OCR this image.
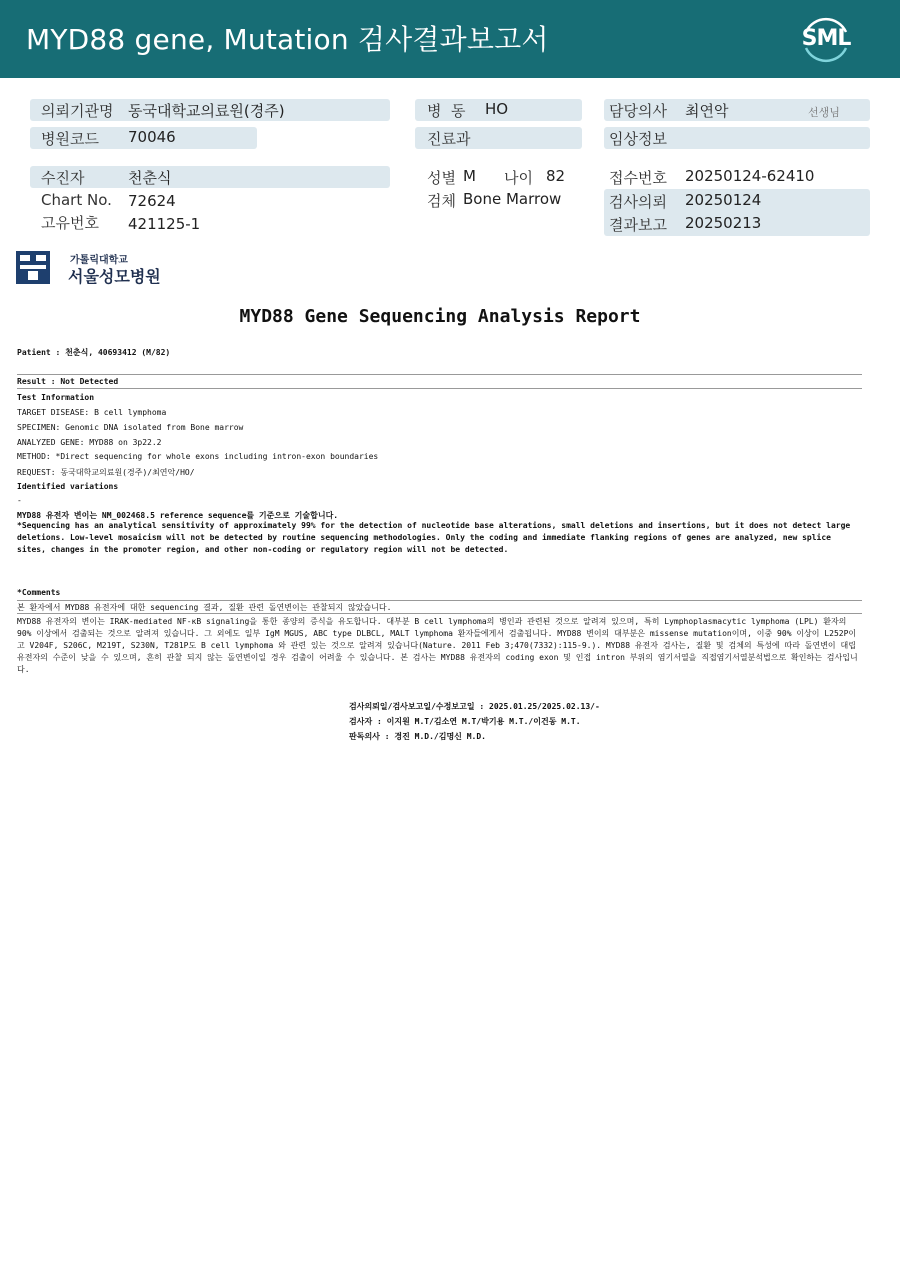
MYD88 gene, Mutation 검사결과보고서	SML
의뢰기관명 동국대학교의료원(경주)
병원코드 70046
병  동 HO
진료과
담당의사 최연악	선생님
임상정보
수진자	천춘식
Chart No. 72624
고유번호 421125-1
성별 M 나이 82
검체 Bone Marrow
접수번호 20250124-62410
검사의뢰 20250124
결과보고 20250213
가톨릭대학교
서울성모병원
MYD88 Gene Sequencing Analysis Report
Patient : 천춘식, 40693412 (M/82)
Result : Not Detected
Test Information
TARGET DISEASE: B cell lymphoma
SPECIMEN: Genomic DNA isolated from Bone marrow
ANALYZED GENE: MYD88 on 3p22.2
METHOD: *Direct sequencing for whole exons including intron-exon boundaries
REQUEST: 동국대학교의료원(경주)/최연악/HO/
Identified variations
-
MYD88 유전자 변이는 NM_002468.5 reference sequence를 기준으로 기술합니다.
*Sequencing has an analytical sensitivity of approximately 99% for the detection of nucleotide base alterations, small deletions and insertions, but it does not detect large deletions. Low-level mosaicism will not be detected by routine sequencing methodologies. Only the coding and immediate flanking regions of genes are analyzed, new splice sites, changes in the promoter region, and other non-coding or regulatory region will not be detected.
*Comments
본 환자에서 MYD88 유전자에 대한 sequencing 결과, 질환 관련 돌연변이는 관찰되지 않았습니다.
MYD88 유전자의 변이는 IRAK-mediated NF-κB signaling을 통한 종양의 증식을 유도합니다. 대부분 B cell lymphoma의 병인과 관련된 것으로 알려져 있으며, 특히 Lymphoplasmacytic lymphoma (LPL) 환자의 90% 이상에서 검출되는 것으로 알려져 있습니다. 그 외에도 일부 IgM MGUS, ABC type DLBCL, MALT lymphoma 환자들에게서 검출됩니다. MYD88 변이의 대부분은 missense mutation이며, 이중 90% 이상이 L252P이고 V204F, S206C, M219T, S230N, T281P도 B cell lymphoma 와 관련 있는 것으로 알려져 있습니다(Nature. 2011 Feb 3;470(7332):115-9.). MYD88 유전자 검사는, 질환 및 검체의 특성에 따라 돌연변이 대립유전자의 수준이 낮을 수 있으며, 흔히 관찰 되지 않는 돌연변이일 경우 검출이 어려울 수 있습니다. 본 검사는 MYD88 유전자의 coding exon 및 인접 intron 부위의 염기서열을 직접염기서열분석법으로 확인하는 검사입니다.
검사의뢰일/검사보고일/수정보고일 : 2025.01.25/2025.02.13/-
검사자 : 이지원 M.T/김소연 M.T/박기용 M.T./이건동 M.T.
판독의사 : 경진 M.D./김명신 M.D.
